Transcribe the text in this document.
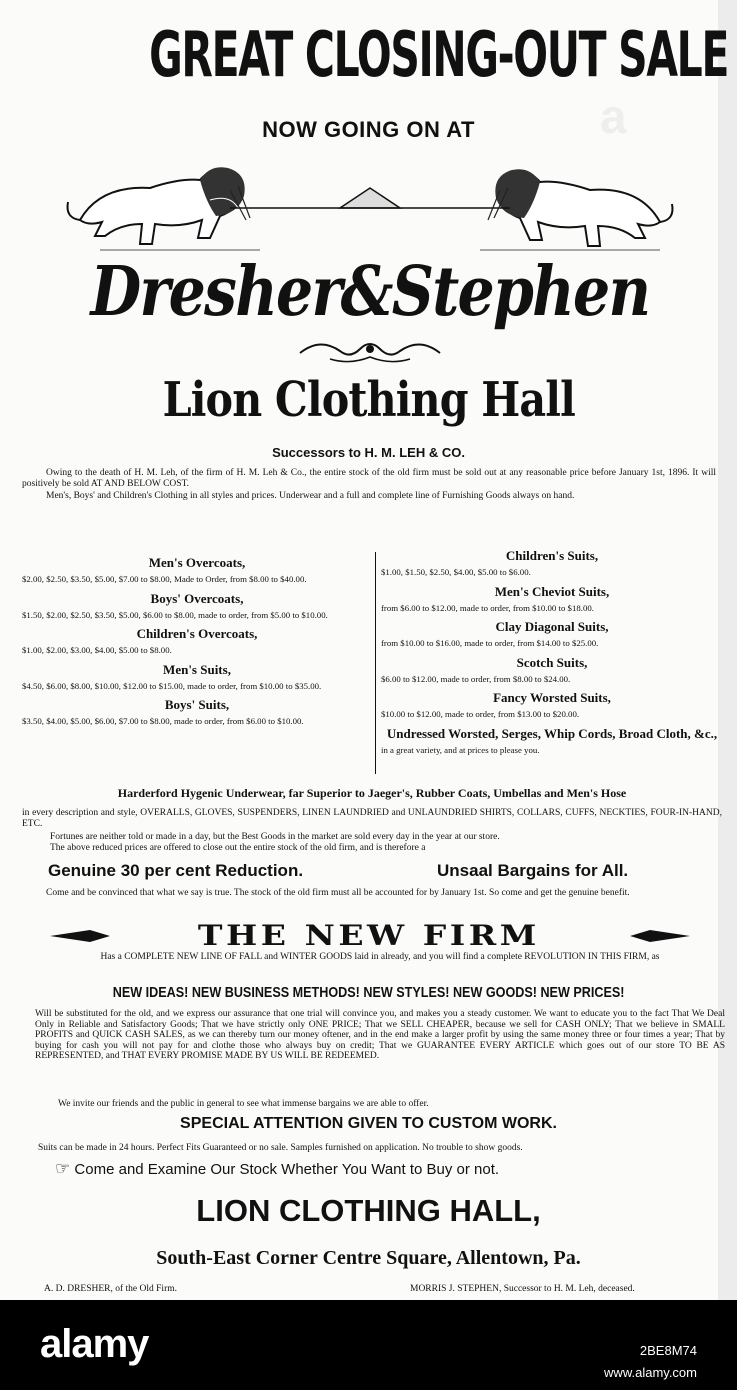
GREAT CLOSING-OUT SALE
NOW GOING ON AT
Dresher&Stephen
Lion Clothing Hall
Successors to H. M. LEH & CO.

Owing to the death of H. M. Leh, of the firm of H. M. Leh & Co., the entire stock of the old firm must be sold out at any reasonable price before January 1st, 1896. It will positively be sold AT AND BELOW COST.

Men's, Boys' and Children's Clothing in all styles and prices. Underwear and a full and complete line of Furnishing Goods always on hand.

Men's Overcoats,
$2.00, $2.50, $3.50, $5.00, $7.00 to $8.00, Made to Order, from $8.00 to $40.00.
Boys' Overcoats,
$1.50, $2.00, $2.50, $3.50, $5.00, $6.00 to $8.00, made to order, from $5.00 to $10.00.
Children's Overcoats,
$1.00, $2.00, $3.00, $4.00, $5.00 to $8.00.
Men's Suits,
$4.50, $6.00, $8.00, $10.00, $12.00 to $15.00, made to order, from $10.00 to $35.00.
Boys' Suits,
$3.50, $4.00, $5.00, $6.00, $7.00 to $8.00, made to order, from $6.00 to $10.00.
Children's Suits,
$1.00, $1.50, $2.50, $4.00, $5.00 to $6.00.
Men's Cheviot Suits,
from $6.00 to $12.00, made to order, from $10.00 to $18.00.
Clay Diagonal Suits,
from $10.00 to $16.00, made to order, from $14.00 to $25.00.
Scotch Suits,
$6.00 to $12.00, made to order, from $8.00 to $24.00.
Fancy Worsted Suits,
$10.00 to $12.00, made to order, from $13.00 to $20.00.
Undressed Worsted, Serges, Whip Cords, Broad Cloth, &c.,
in a great variety, and at prices to please you.
Harderford Hygenic Underwear, far Superior to Jaeger's, Rubber Coats, Umbellas and Men's Hose

in every description and style, OVERALLS, GLOVES, SUSPENDERS, LINEN LAUNDRIED and UNLAUNDRIED SHIRTS, COLLARS, CUFFS, NECKTIES, FOUR-IN-HAND, ETC.

Fortunes are neither told or made in a day, but the Best Goods in the market are sold every day in the year at our store.

The above reduced prices are offered to close out the entire stock of the old firm, and is therefore a

Genuine 30 per cent Reduction.	Unsaal Bargains for All.

Come and be convinced that what we say is true. The stock of the old firm must all be accounted for by January 1st. So come and get the genuine benefit.

THE NEW FIRM

Has a COMPLETE NEW LINE OF FALL and WINTER GOODS laid in already, and you will find a complete REVOLUTION IN THIS FIRM, as

NEW IDEAS! NEW BUSINESS METHODS! NEW STYLES! NEW GOODS! NEW PRICES!

Will be substituted for the old, and we express our assurance that one trial will convince you, and makes you a steady customer. We want to educate you to the fact That We Deal Only in Reliable and Satisfactory Goods; That we have strictly only ONE PRICE; That we SELL CHEAPER, because we sell for CASH ONLY; That we believe in SMALL PROFITS and QUICK CASH SALES, as we can thereby turn our money oftener, and in the end make a larger profit by using the same money three or four times a year; That by buying for cash you will not pay for and clothe those who always buy on credit; That we GUARANTEE EVERY ARTICLE which goes out of our store TO BE AS REPRESENTED, and THAT EVERY PROMISE MADE BY US WILL BE REDEEMED.

We invite our friends and the public in general to see what immense bargains we are able to offer.

SPECIAL ATTENTION GIVEN TO CUSTOM WORK.

Suits can be made in 24 hours. Perfect Fits Guaranteed or no sale. Samples furnished on application. No trouble to show goods.

☞ Come and Examine Our Stock Whether You Want to Buy or not.
LION CLOTHING HALL,
South-East Corner Centre Square, Allentown, Pa.
A. D. DRESHER, of the Old Firm.	MORRIS J. STEPHEN, Successor to H. M. Leh, deceased.
a
alamy	2BE8M74
www.alamy.com
